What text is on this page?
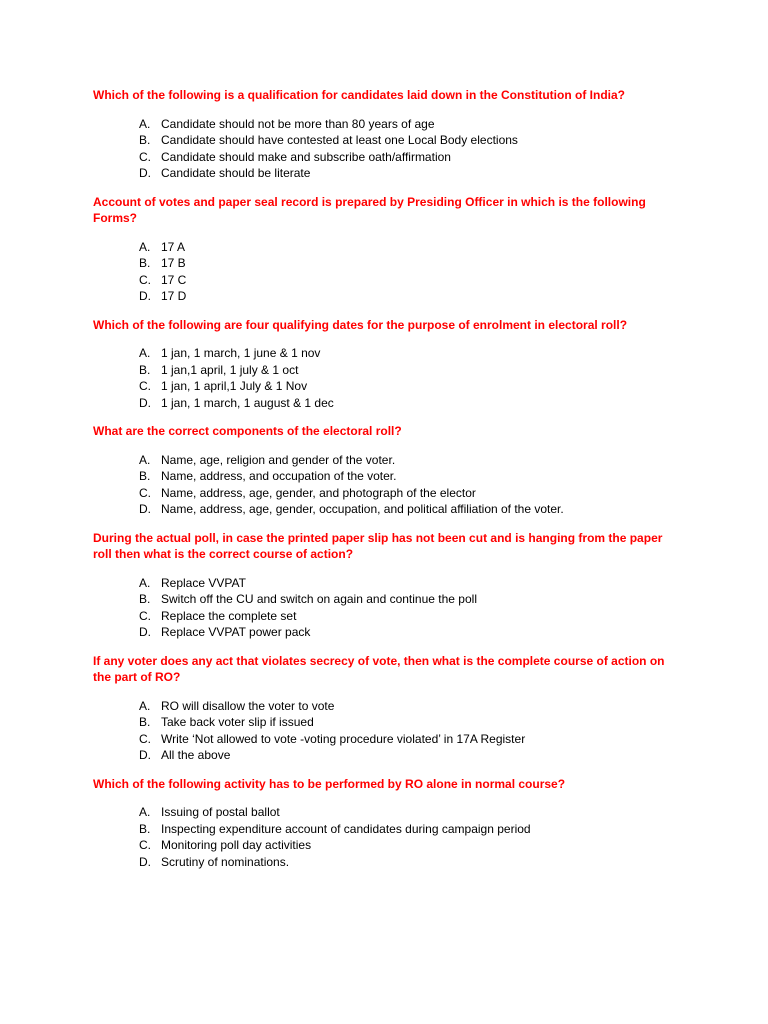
Which of the following is a qualification for candidates laid down in the Constitution of India?

A. Candidate should not be more than 80 years of age
B. Candidate should have contested at least one Local Body elections
C. Candidate should make and subscribe oath/affirmation
D. Candidate should be literate

Account of votes and paper seal record is prepared by Presiding Officer in which is the following Forms?

A. 17 A
B. 17 B
C. 17 C
D. 17 D

Which of the following are four qualifying dates for the purpose of enrolment in electoral roll?

A. 1 jan, 1 march, 1 june & 1 nov
B. 1 jan,1 april, 1 july & 1 oct
C. 1 jan, 1 april,1 July & 1 Nov
D. 1 jan, 1 march, 1 august & 1 dec

What are the correct components of the electoral roll?

A. Name, age, religion and gender of the voter.
B. Name, address, and occupation of the voter.
C. Name, address, age, gender, and photograph of the elector
D. Name, address, age, gender, occupation, and political affiliation of the voter.

During the actual poll, in case the printed paper slip has not been cut and is hanging from the paper roll then what is the correct course of action?

A. Replace VVPAT
B. Switch off the CU and switch on again and continue the poll
C. Replace the complete set
D. Replace VVPAT power pack

If any voter does any act that violates secrecy of vote, then what is the complete course of action on the part of RO?

A. RO will disallow the voter to vote
B. Take back voter slip if issued
C. Write ‘Not allowed to vote -voting procedure violated’ in 17A Register
D. All the above

Which of the following activity has to be performed by RO alone in normal course?

A. Issuing of postal ballot
B. Inspecting expenditure account of candidates during campaign period
C. Monitoring poll day activities
D. Scrutiny of nominations.
